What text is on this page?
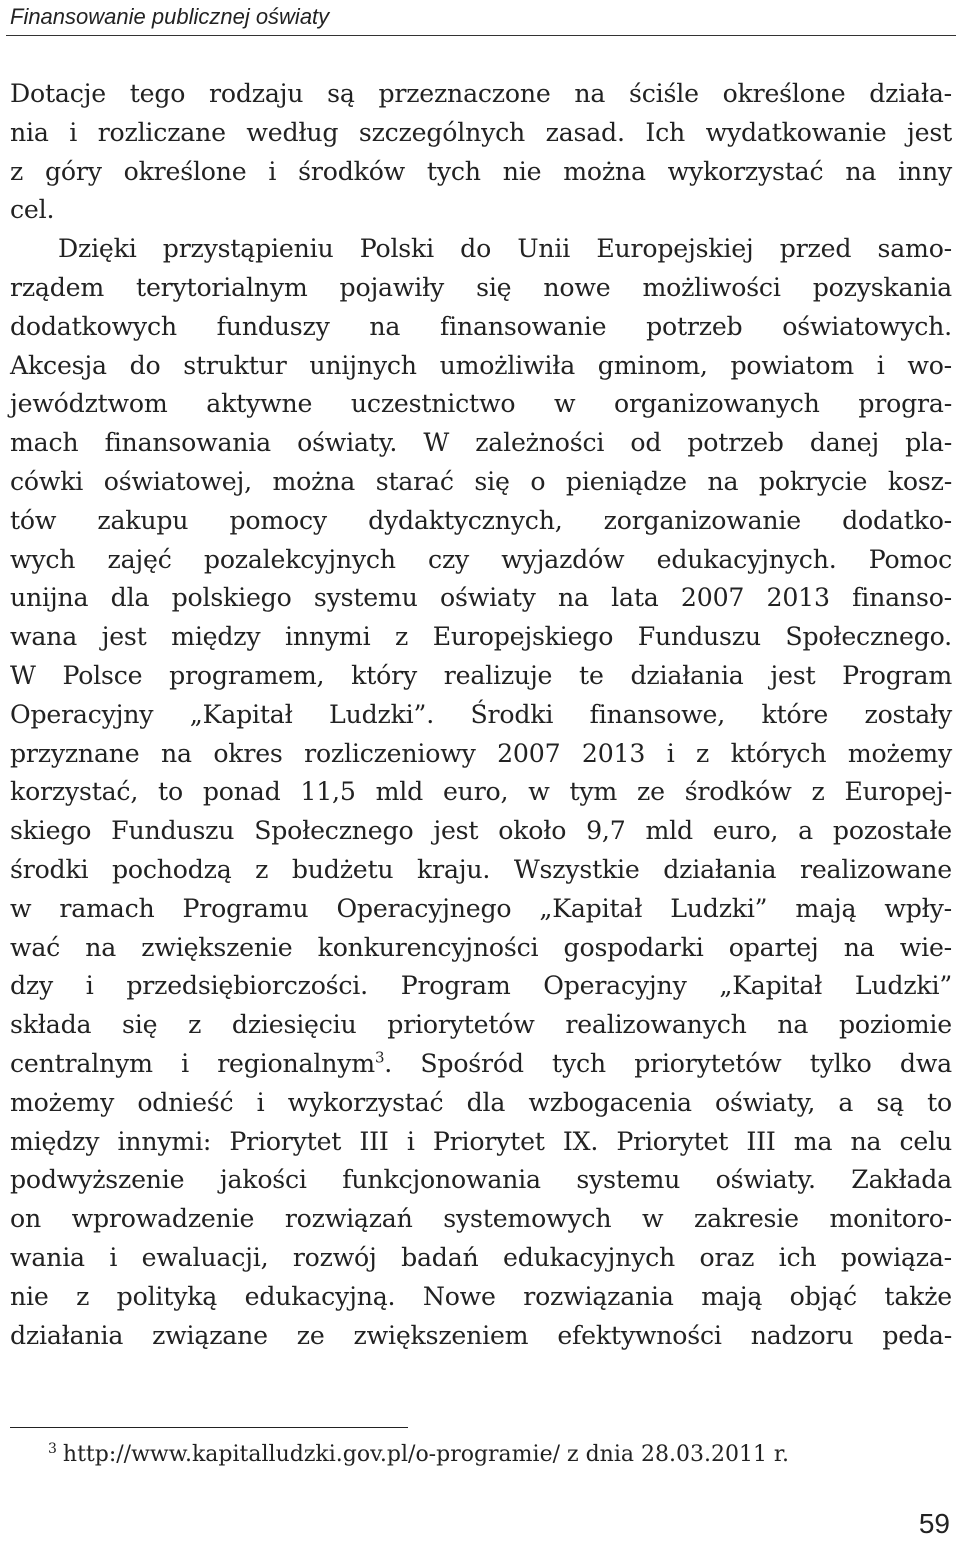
Finansowanie publicznej oświaty
Dotacje tego rodzaju są przeznaczone na ściśle określone działa-
nia i rozliczane według szczególnych zasad. Ich wydatkowanie jest
z góry określone i środków tych nie można wykorzystać na inny
cel.
Dzięki przystąpieniu Polski do Unii Europejskiej przed samo-
rządem terytorialnym pojawiły się nowe możliwości pozyskania
dodatkowych funduszy na finansowanie potrzeb oświatowych.
Akcesja do struktur unijnych umożliwiła gminom, powiatom i wo-
jewództwom aktywne uczestnictwo w organizowanych progra-
mach finansowania oświaty. W zależności od potrzeb danej pla-
cówki oświatowej, można starać się o pieniądze na pokrycie kosz-
tów zakupu pomocy dydaktycznych, zorganizowanie dodatko-
wych zajęć pozalekcyjnych czy wyjazdów edukacyjnych. Pomoc
unijna dla polskiego systemu oświaty na lata 2007 2013 finanso-
wana jest między innymi z Europejskiego Funduszu Społecznego.
W Polsce programem, który realizuje te działania jest Program
Operacyjny „Kapitał Ludzki”. Środki finansowe, które zostały
przyznane na okres rozliczeniowy 2007 2013 i z których możemy
korzystać, to ponad 11,5 mld euro, w tym ze środków z Europej-
skiego Funduszu Społecznego jest około 9,7 mld euro, a pozostałe
środki pochodzą z budżetu kraju. Wszystkie działania realizowane
w ramach Programu Operacyjnego „Kapitał Ludzki” mają wpły-
wać na zwiększenie konkurencyjności gospodarki opartej na wie-
dzy i przedsiębiorczości. Program Operacyjny „Kapitał Ludzki”
składa się z dziesięciu priorytetów realizowanych na poziomie
centralnym i regionalnym$^3$. Spośród tych priorytetów tylko dwa
możemy odnieść i wykorzystać dla wzbogacenia oświaty, a są to
między innymi: Priorytet III i Priorytet IX. Priorytet III ma na celu
podwyższenie jakości funkcjonowania systemu oświaty. Zakłada
on wprowadzenie rozwiązań systemowych w zakresie monitoro-
wania i ewaluacji, rozwój badań edukacyjnych oraz ich powiąza-
nie z polityką edukacyjną. Nowe rozwiązania mają objąć także
działania związane ze zwiększeniem efektywności nadzoru peda-
$^3$ http://www.kapitalludzki.gov.pl/o-programie/ z dnia 28.03.2011 r.
59
